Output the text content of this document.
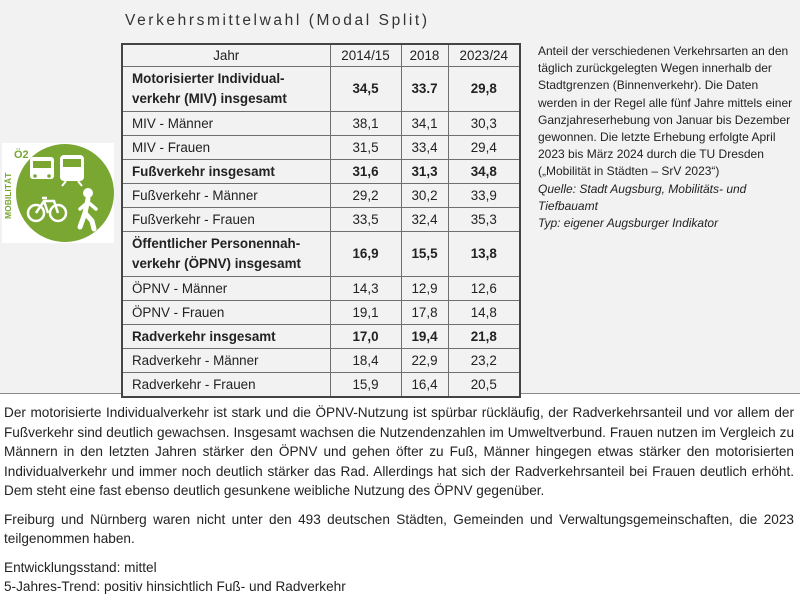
Verkehrsmittelwahl (Modal Split)
MOBILITÄT
Ö2
Jahr	2014/15	2018	2023/24
Motorisierter Individual-
verkehr (MIV) insgesamt	34,5	33.7	29,8
MIV - Männer	38,1	34,1	30,3
MIV - Frauen	31,5	33,4	29,4
Fußverkehr insgesamt	31,6	31,3	34,8
Fußverkehr - Männer	29,2	30,2	33,9
Fußverkehr - Frauen	33,5	32,4	35,3
Öffentlicher Personennah-
verkehr (ÖPNV) insgesamt	16,9	15,5	13,8
ÖPNV - Männer	14,3	12,9	12,6
ÖPNV - Frauen	19,1	17,8	14,8
Radverkehr insgesamt	17,0	19,4	21,8
Radverkehr - Männer	18,4	22,9	23,2
Radverkehr - Frauen	15,9	16,4	20,5
Anteil der verschiedenen Verkehrsarten an den täglich zurückgelegten Wegen innerhalb der Stadtgrenzen (Binnenverkehr). Die Daten werden in der Regel alle fünf Jahre mittels einer Ganzjahreserhebung von Januar bis Dezember gewonnen. Die letzte Erhebung erfolgte April 2023 bis März 2024 durch die TU Dresden („Mobilität in Städten – SrV 2023“)
Quelle: Stadt Augsburg, Mobilitäts- und Tiefbauamt
Typ: eigener Augsburger Indikator

Der motorisierte Individualverkehr ist stark und die ÖPNV-Nutzung ist spürbar rückläufig, der Radverkehrsanteil und vor allem der Fußverkehr sind deutlich gewachsen. Insgesamt wachsen die Nutzendenzahlen im Umweltverbund. Frauen nutzen im Vergleich zu Männern in den letzten Jahren stärker den ÖPNV und gehen öfter zu Fuß, Männer hingegen etwas stärker den motorisierten Individualverkehr und immer noch deutlich stärker das Rad. Allerdings hat sich der Radverkehrsanteil bei Frauen deutlich erhöht. Dem steht eine fast ebenso deutlich gesunkene weibliche Nutzung des ÖPNV gegenüber.

Freiburg und Nürnberg waren nicht unter den 493 deutschen Städten, Gemeinden und Verwaltungsgemeinschaften, die 2023 teilgenommen haben.

Entwicklungsstand: mittel

5-Jahres-Trend: positiv hinsichtlich Fuß- und Radverkehr
